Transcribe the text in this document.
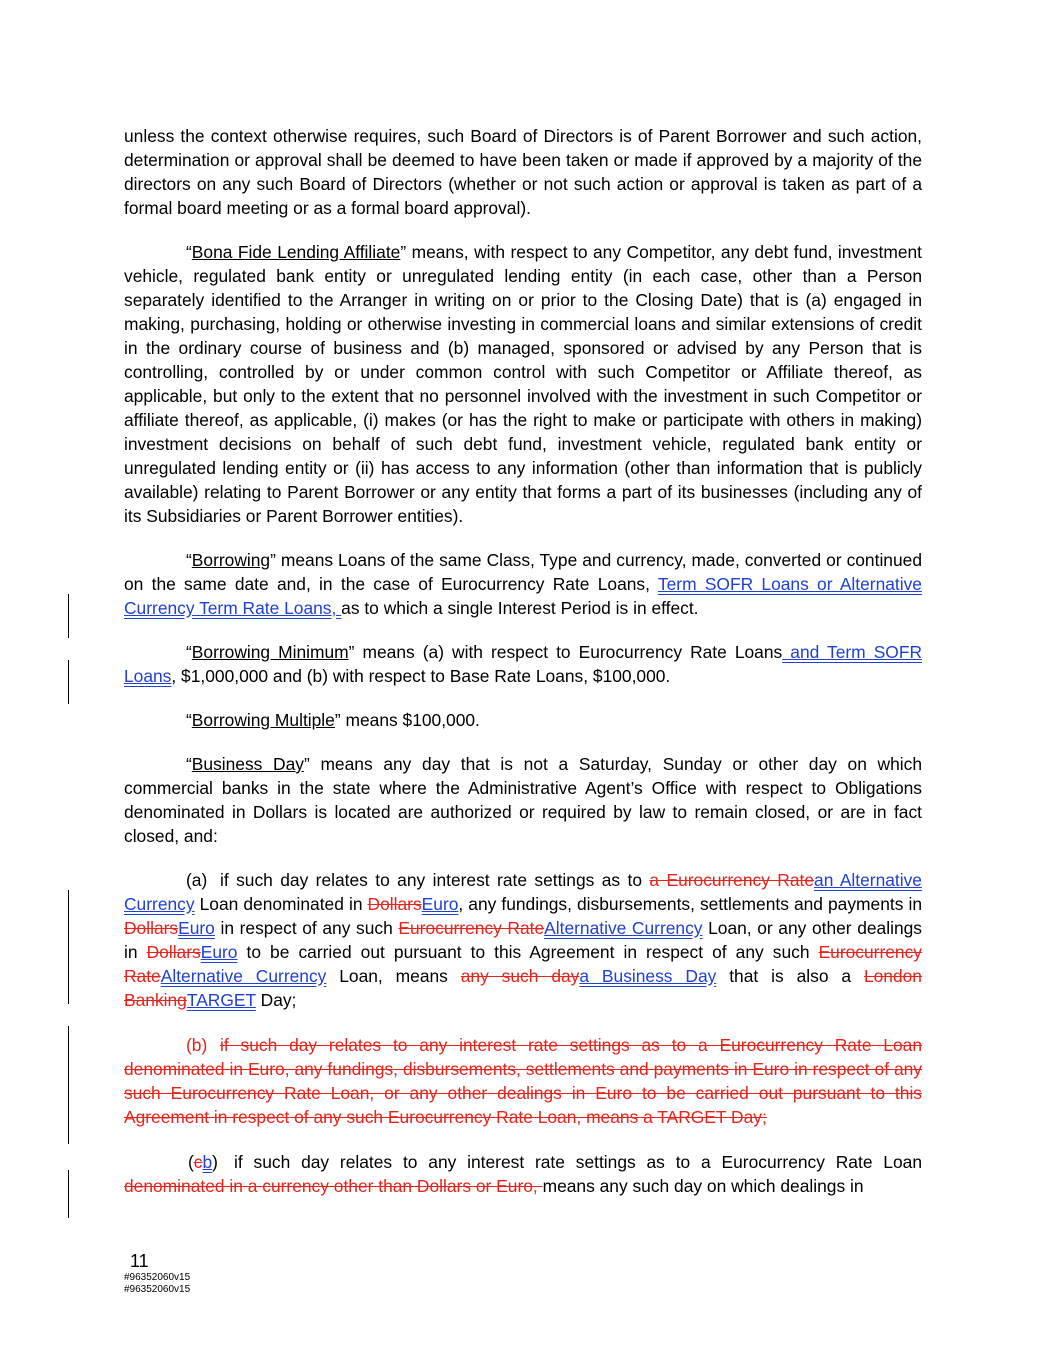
unless the context otherwise requires, such Board of Directors is of Parent Borrower and such action, determination or approval shall be deemed to have been taken or made if approved by a majority of the directors on any such Board of Directors (whether or not such action or approval is taken as part of a formal board meeting or as a formal board approval).

“Bona Fide Lending Affiliate” means, with respect to any Competitor, any debt fund, investment vehicle, regulated bank entity or unregulated lending entity (in each case, other than a Person separately identified to the Arranger in writing on or prior to the Closing Date) that is (a) engaged in making, purchasing, holding or otherwise investing in commercial loans and similar extensions of credit in the ordinary course of business and (b) managed, sponsored or advised by any Person that is controlling, controlled by or under common control with such Competitor or Affiliate thereof, as applicable, but only to the extent that no personnel involved with the investment in such Competitor or affiliate thereof, as applicable, (i) makes (or has the right to make or participate with others in making) investment decisions on behalf of such debt fund, investment vehicle, regulated bank entity or unregulated lending entity or (ii) has access to any information (other than information that is publicly available) relating to Parent Borrower or any entity that forms a part of its businesses (including any of its Subsidiaries or Parent Borrower entities).

“Borrowing” means Loans of the same Class, Type and currency, made, converted or continued on the same date and, in the case of Eurocurrency Rate Loans, Term SOFR Loans or Alternative Currency Term Rate Loans, as to which a single Interest Period is in effect.

“Borrowing Minimum” means (a) with respect to Eurocurrency Rate Loans and Term SOFR Loans, $1,000,000 and (b) with respect to Base Rate Loans, $100,000.

“Borrowing Multiple” means $100,000.

“Business Day” means any day that is not a Saturday, Sunday or other day on which commercial banks in the state where the Administrative Agent’s Office with respect to Obligations denominated in Dollars is located are authorized or required by law to remain closed, or are in fact closed, and:

(a) if such day relates to any interest rate settings as to a Eurocurrency Ratean Alternative Currency Loan denominated in DollarsEuro, any fundings, disbursements, settlements and payments in DollarsEuro in respect of any such Eurocurrency RateAlternative Currency Loan, or any other dealings in DollarsEuro to be carried out pursuant to this Agreement in respect of any such Eurocurrency RateAlternative Currency Loan, means any such daya Business Day that is also a London BankingTARGET Day;

(b) if such day relates to any interest rate settings as to a Eurocurrency Rate Loan denominated in Euro, any fundings, disbursements, settlements and payments in Euro in respect of any such Eurocurrency Rate Loan, or any other dealings in Euro to be carried out pursuant to this Agreement in respect of any such Eurocurrency Rate Loan, means a TARGET Day;

(cb) if such day relates to any interest rate settings as to a Eurocurrency Rate Loan denominated in a currency other than Dollars or Euro, means any such day on which dealings in

11
#96352060v15
#96352060v15
